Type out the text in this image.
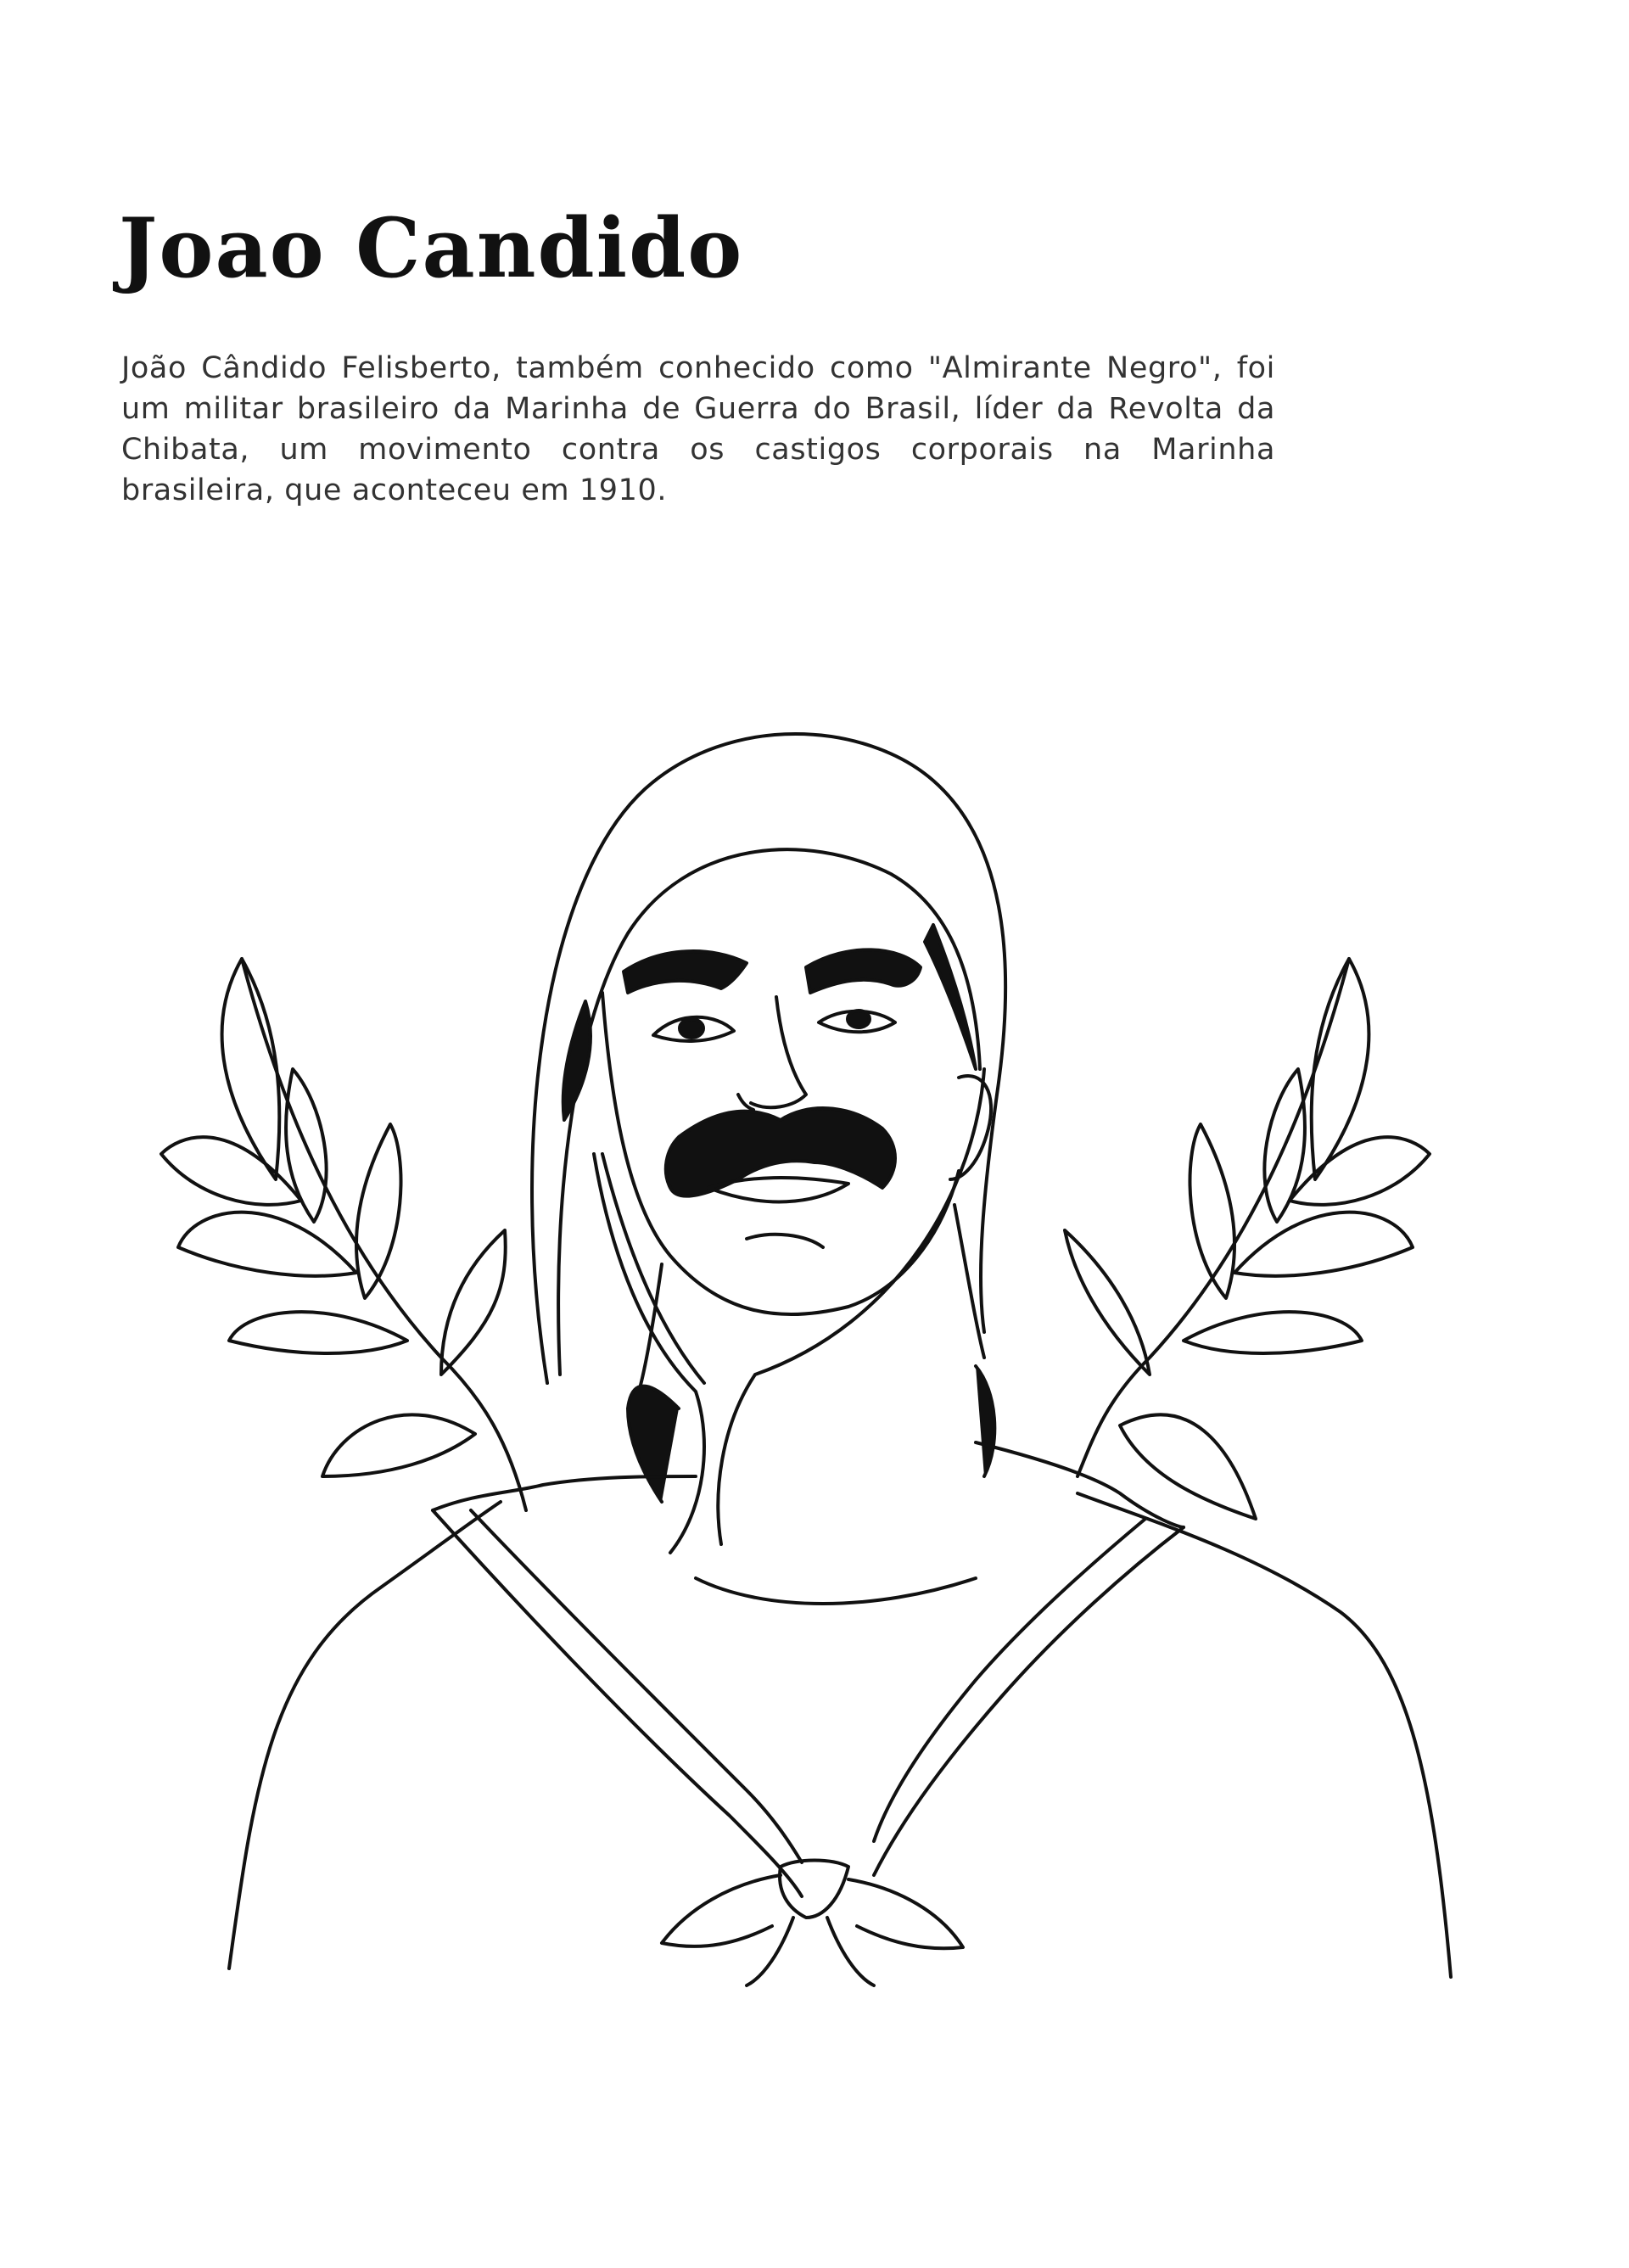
Joao Candido

João Cândido Felisberto, também conhecido como "Almirante Negro", foi um militar brasileiro da Marinha de Guerra do Brasil, líder da Revolta da Chibata, um movimento contra os castigos corporais na Marinha brasileira, que aconteceu em 1910.
